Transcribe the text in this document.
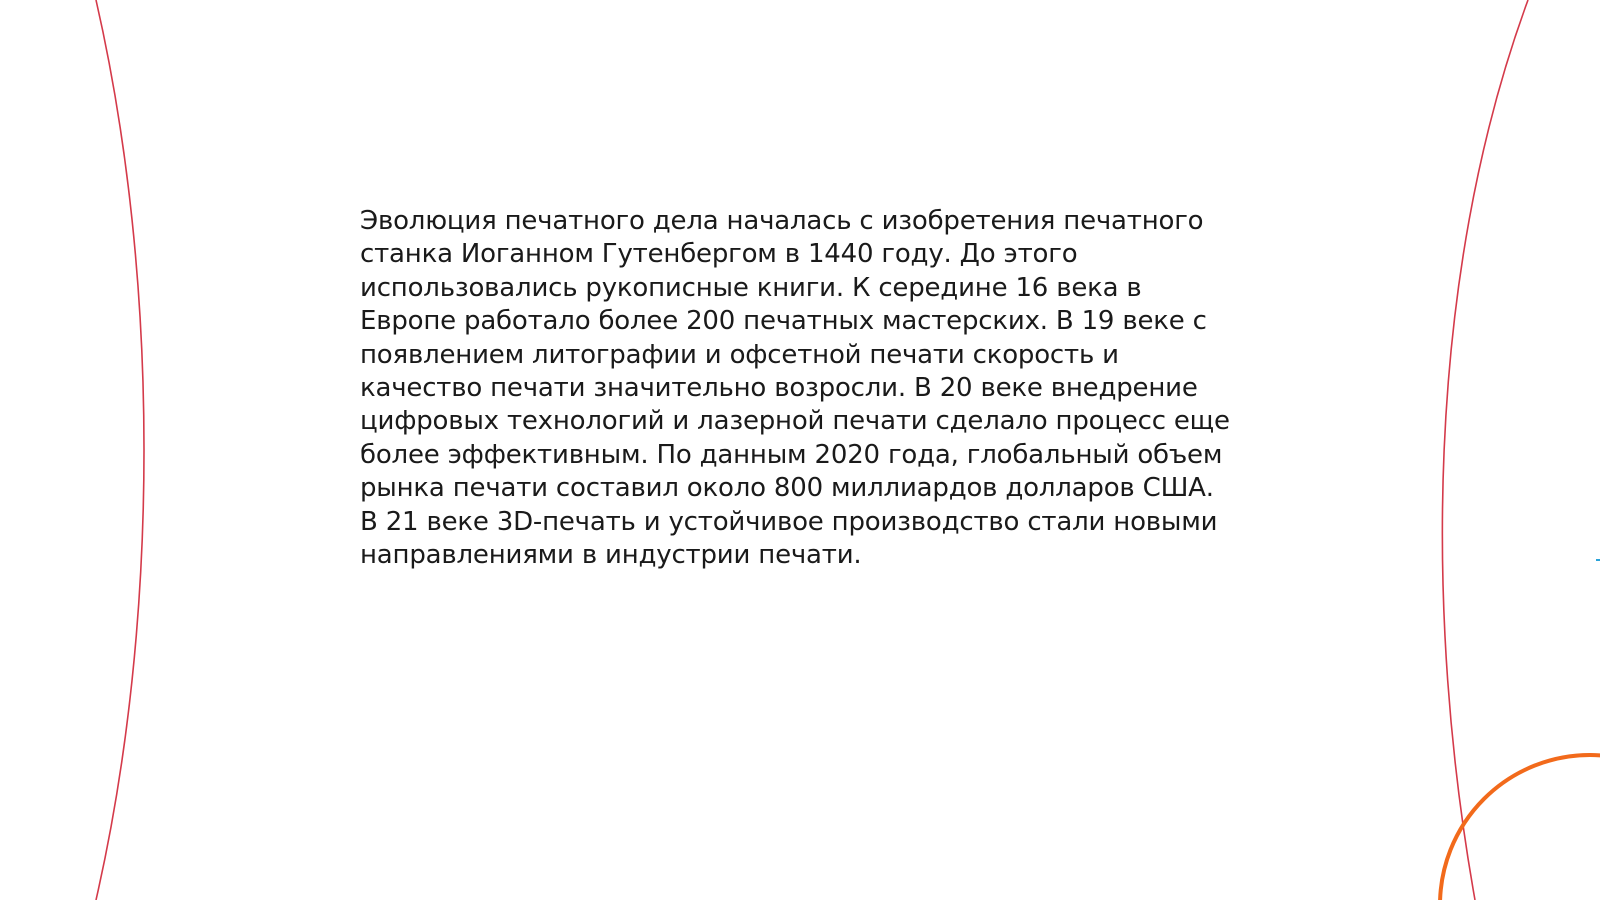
Эволюция печатного дела началась с изобретения печатного
станка Иоганном Гутенбергом в 1440 году. До этого
использовались рукописные книги. К середине 16 века в
Европе работало более 200 печатных мастерских. В 19 веке с
появлением литографии и офсетной печати скорость и
качество печати значительно возросли. В 20 веке внедрение
цифровых технологий и лазерной печати сделало процесс еще
более эффективным. По данным 2020 года, глобальный объем
рынка печати составил около 800 миллиардов долларов США.
В 21 веке 3D-печать и устойчивое производство стали новыми
направлениями в индустрии печати.
